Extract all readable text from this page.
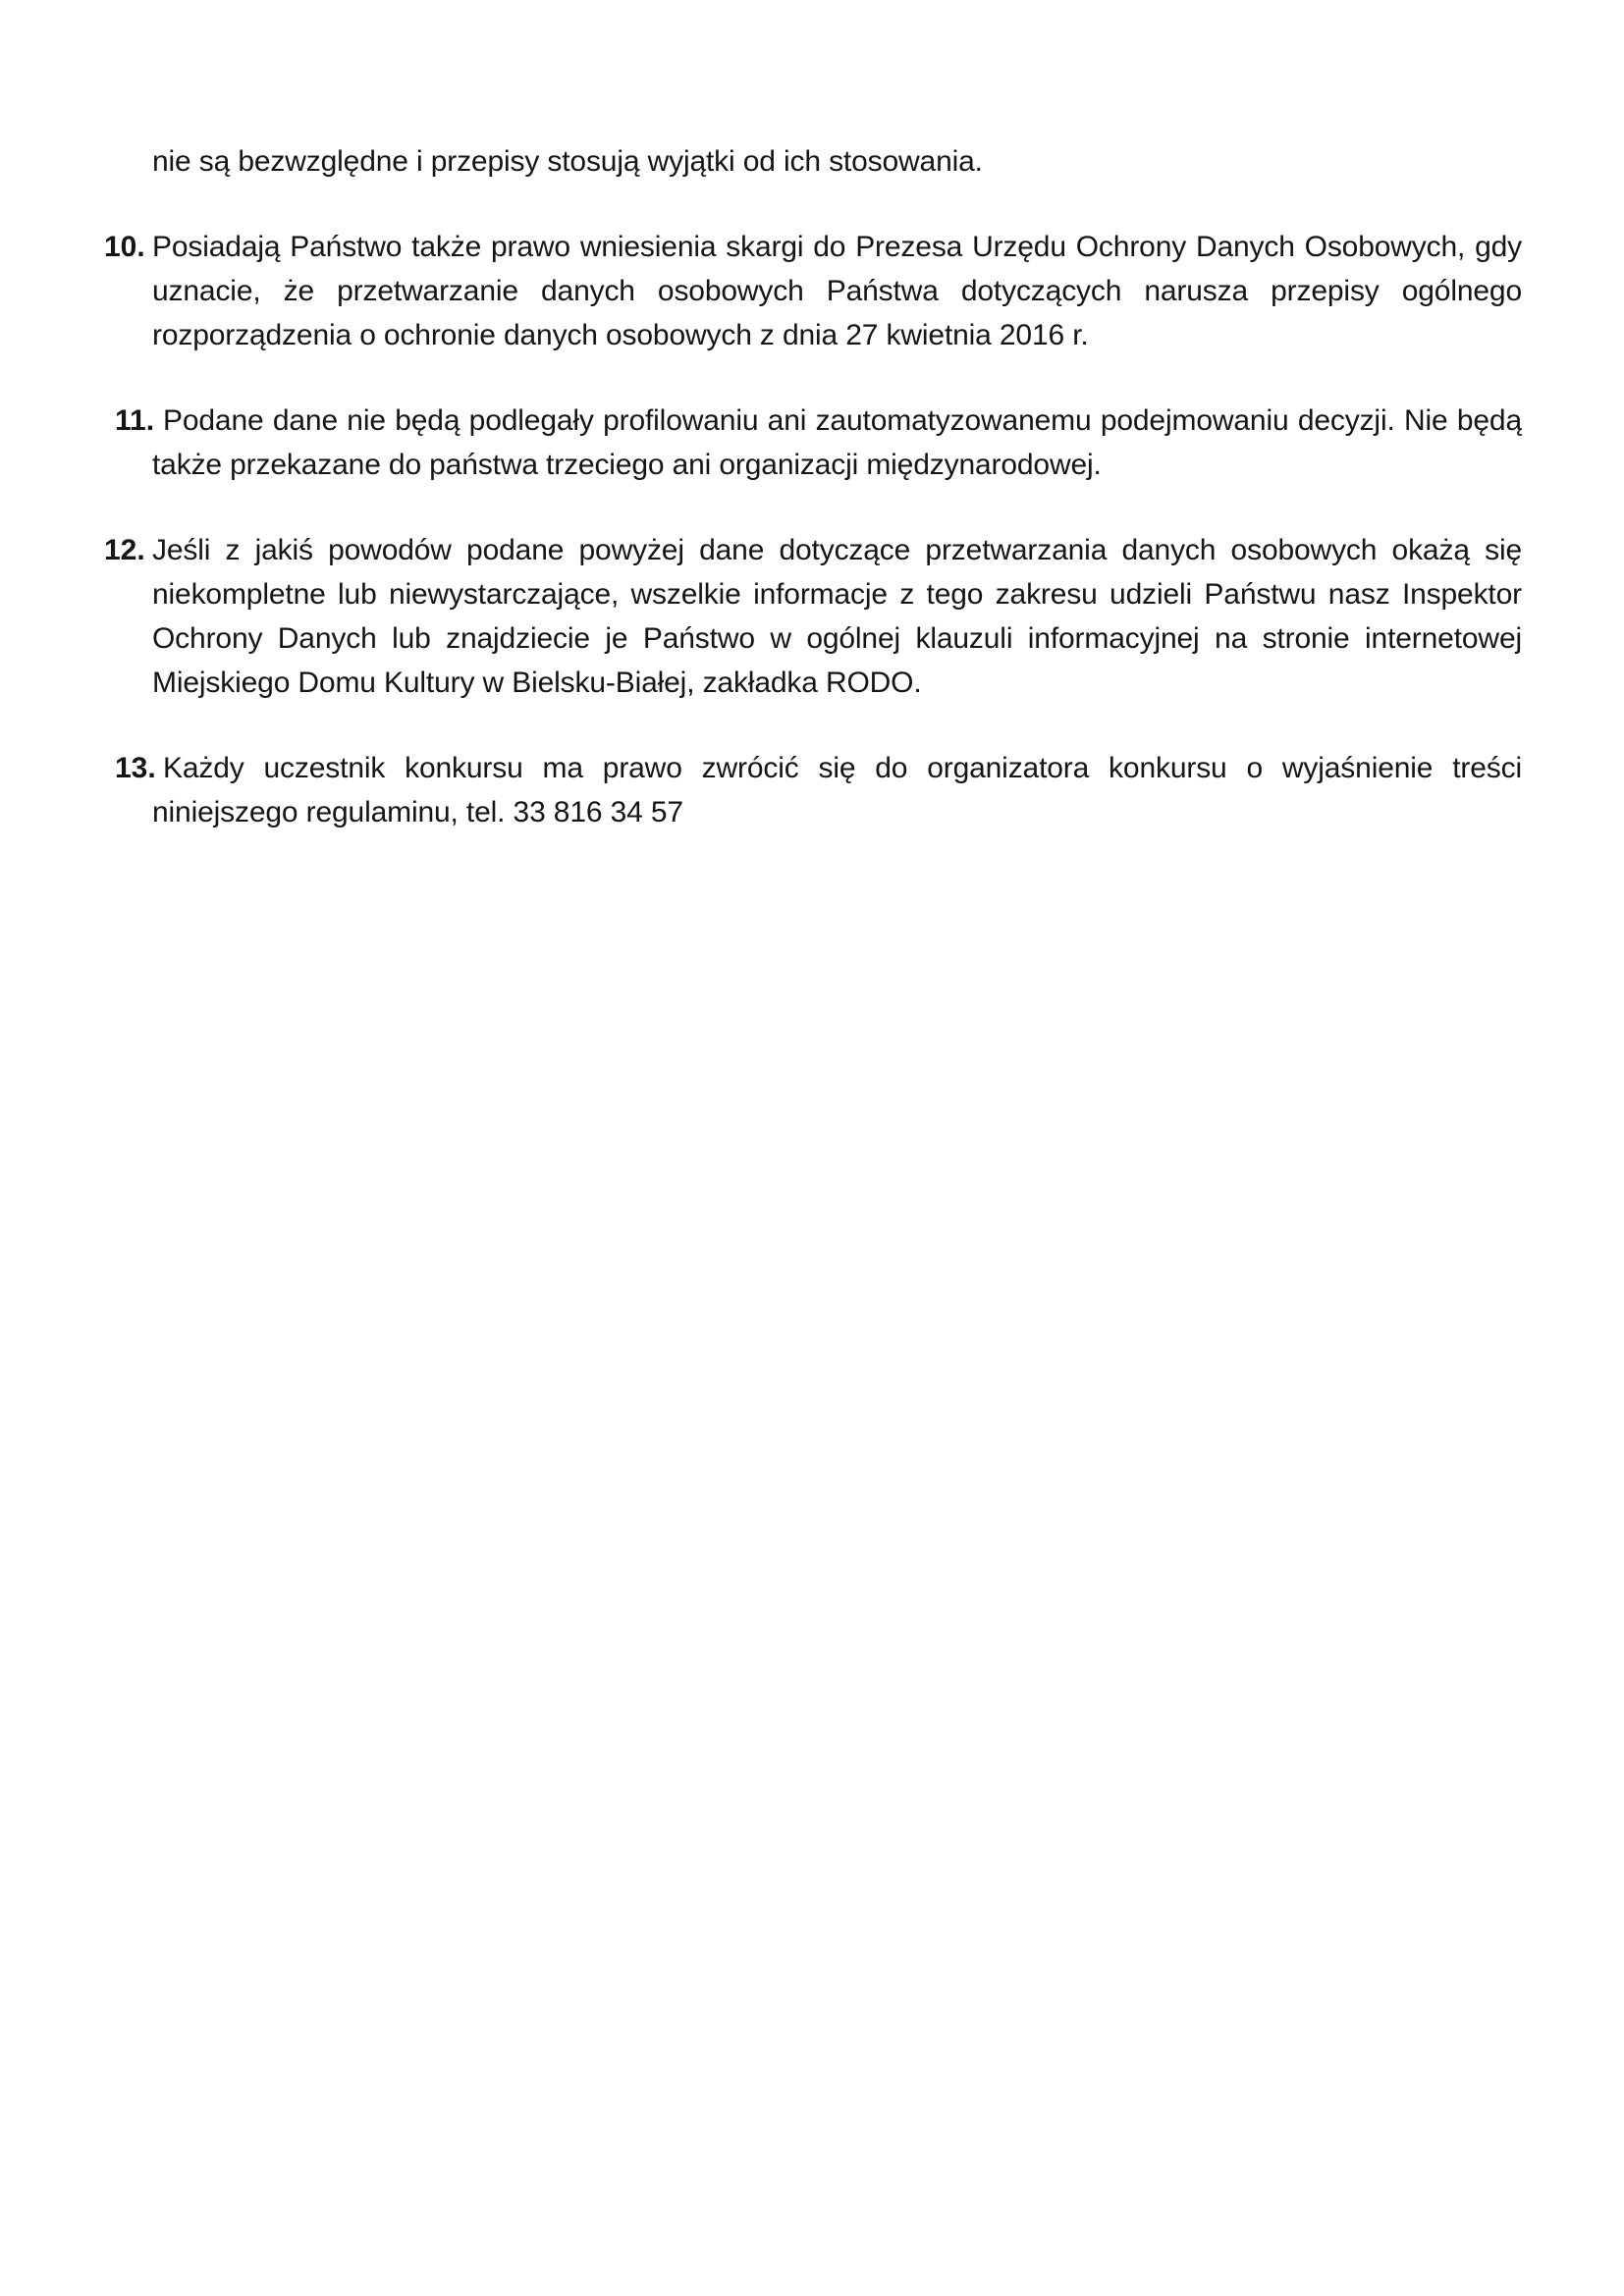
nie są bezwzględne i przepisy stosują wyjątki od ich stosowania.

10. Posiadają Państwo także prawo wniesienia skargi do Prezesa Urzędu Ochrony Danych Osobowych, gdy uznacie, że przetwarzanie danych osobowych Państwa dotyczących narusza przepisy ogólnego rozporządzenia o ochronie danych osobowych z dnia 27 kwietnia 2016 r.
11. Podane dane nie będą podlegały profilowaniu ani zautomatyzowanemu podejmowaniu decyzji. Nie będą także przekazane do państwa trzeciego ani organizacji międzynarodowej.
12. Jeśli z jakiś powodów podane powyżej dane dotyczące przetwarzania danych osobowych okażą się niekompletne lub niewystarczające, wszelkie informacje z tego zakresu udzieli Państwu nasz Inspektor Ochrony Danych lub znajdziecie je Państwo w ogólnej klauzuli informacyjnej na stronie internetowej Miejskiego Domu Kultury w Bielsku-Białej, zakładka RODO.
13. Każdy uczestnik konkursu ma prawo zwrócić się do organizatora konkursu o wyjaśnienie treści niniejszego regulaminu, tel. 33 816 34 57
